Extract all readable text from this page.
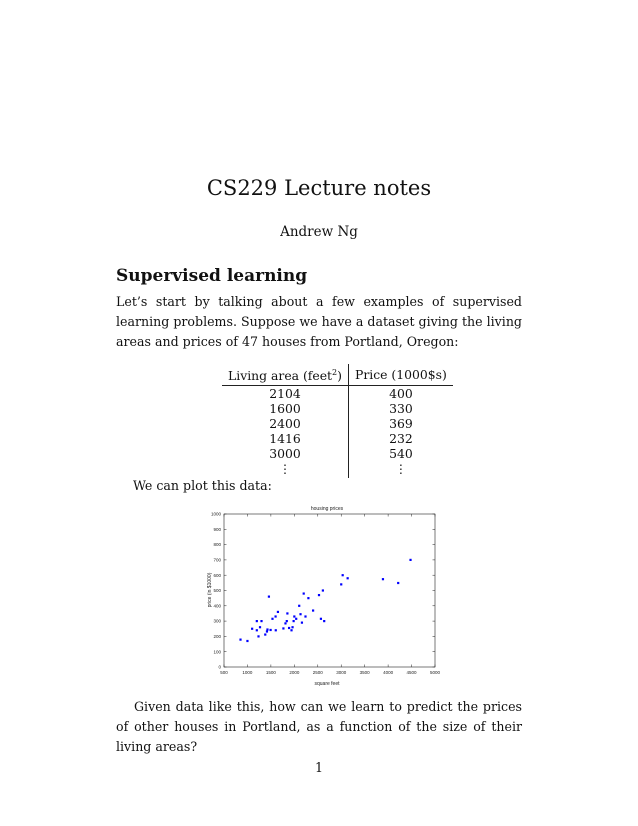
CS229 Lecture notes
Andrew Ng
Supervised learning
Let’s start by talking about a few examples of supervised learning problems. Suppose we have a dataset giving the living areas and prices of 47 houses from Portland, Oregon:
Living area (feet$^2$)	Price (1000$s)
2104	400
1600	330
2400	369
1416	232
3000	540
⋮	⋮
We can plot this data:
housing prices
square feet
price (in $1000)
500	1000	1500	2000	2500	3000	3500	4000	4500	5000
0
100
200
300
400
500
600
700
800
900
1000
Given data like this, how can we learn to predict the prices of other houses in Portland, as a function of the size of their living areas?
1
